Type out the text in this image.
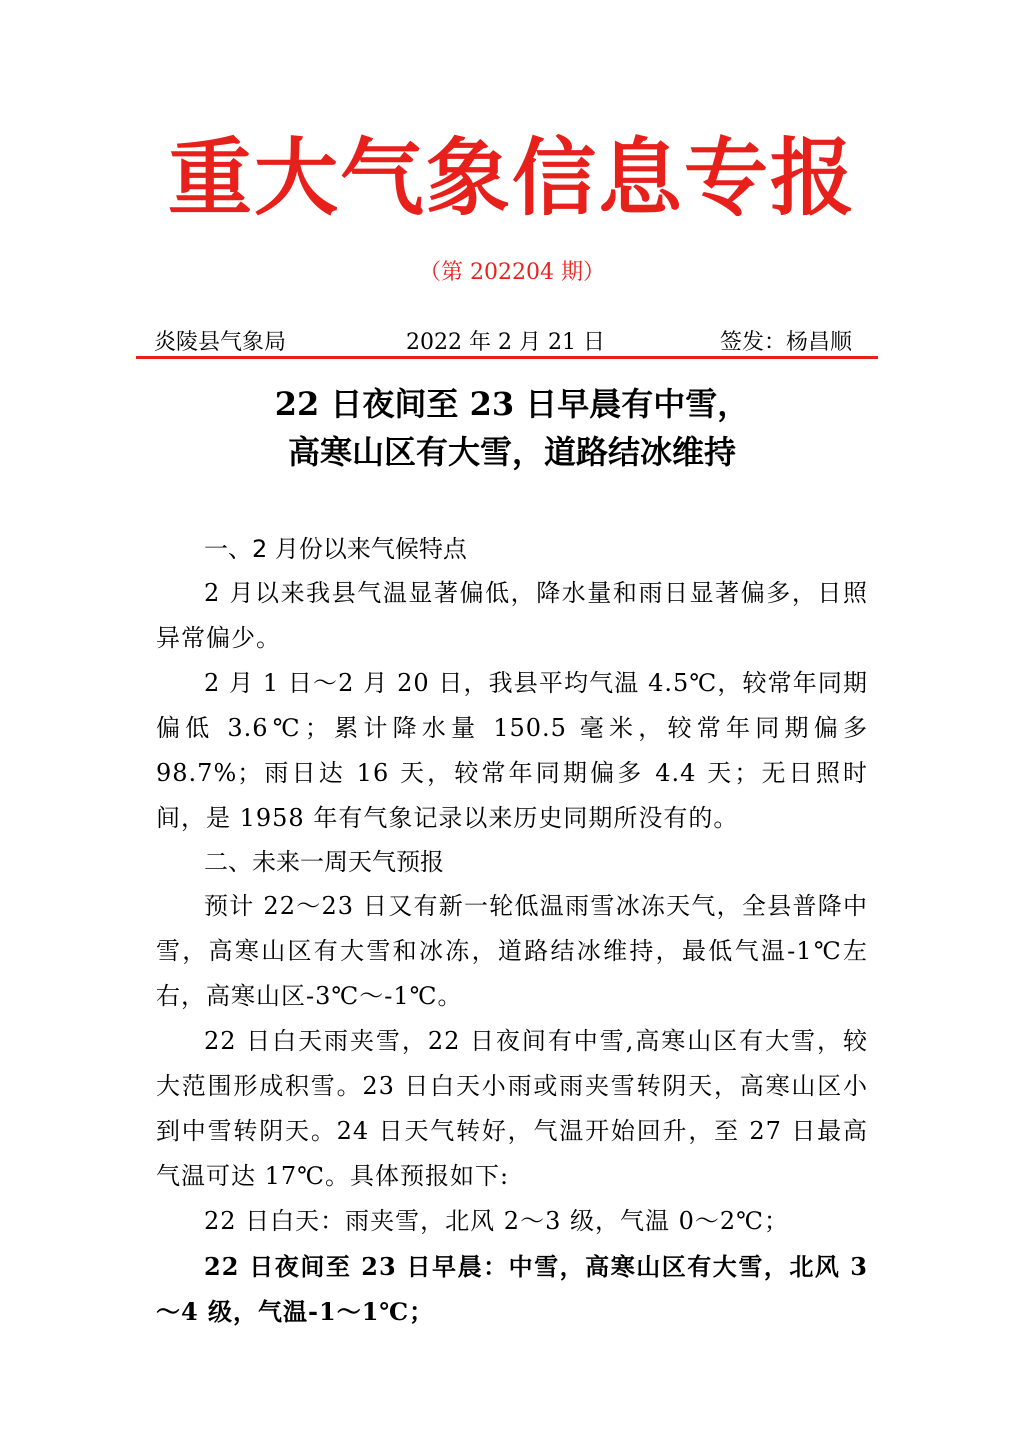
重大气象信息专报
（第 202204 期）
炎陵县气象局	2022 年 2 月 21 日	签发：杨昌顺
22 日夜间至 23 日早晨有中雪，
高寒山区有大雪，道路结冰维持
一、2 月份以来气候特点

2 月以来我县气温显著偏低，降水量和雨日显著偏多，日照异常偏少。

2 月 1 日～2 月 20 日，我县平均气温 4.5℃，较常年同期偏低 3.6℃；累计降水量 150.5 毫米，较常年同期偏多 98.7%；雨日达 16 天，较常年同期偏多 4.4 天；无日照时间，是 1958 年有气象记录以来历史同期所没有的。

二、未来一周天气预报

预计 22～23 日又有新一轮低温雨雪冰冻天气，全县普降中雪，高寒山区有大雪和冰冻，道路结冰维持，最低气温-1℃左右，高寒山区-3℃～-1℃。

22 日白天雨夹雪，22 日夜间有中雪,高寒山区有大雪，较大范围形成积雪。23 日白天小雨或雨夹雪转阴天，高寒山区小到中雪转阴天。24 日天气转好，气温开始回升，至 27 日最高气温可达 17℃。具体预报如下:

22 日白天：雨夹雪，北风 2～3 级，气温 0～2℃；

22 日夜间至 23 日早晨：中雪，高寒山区有大雪，北风 3～4 级，气温-1～1℃；
